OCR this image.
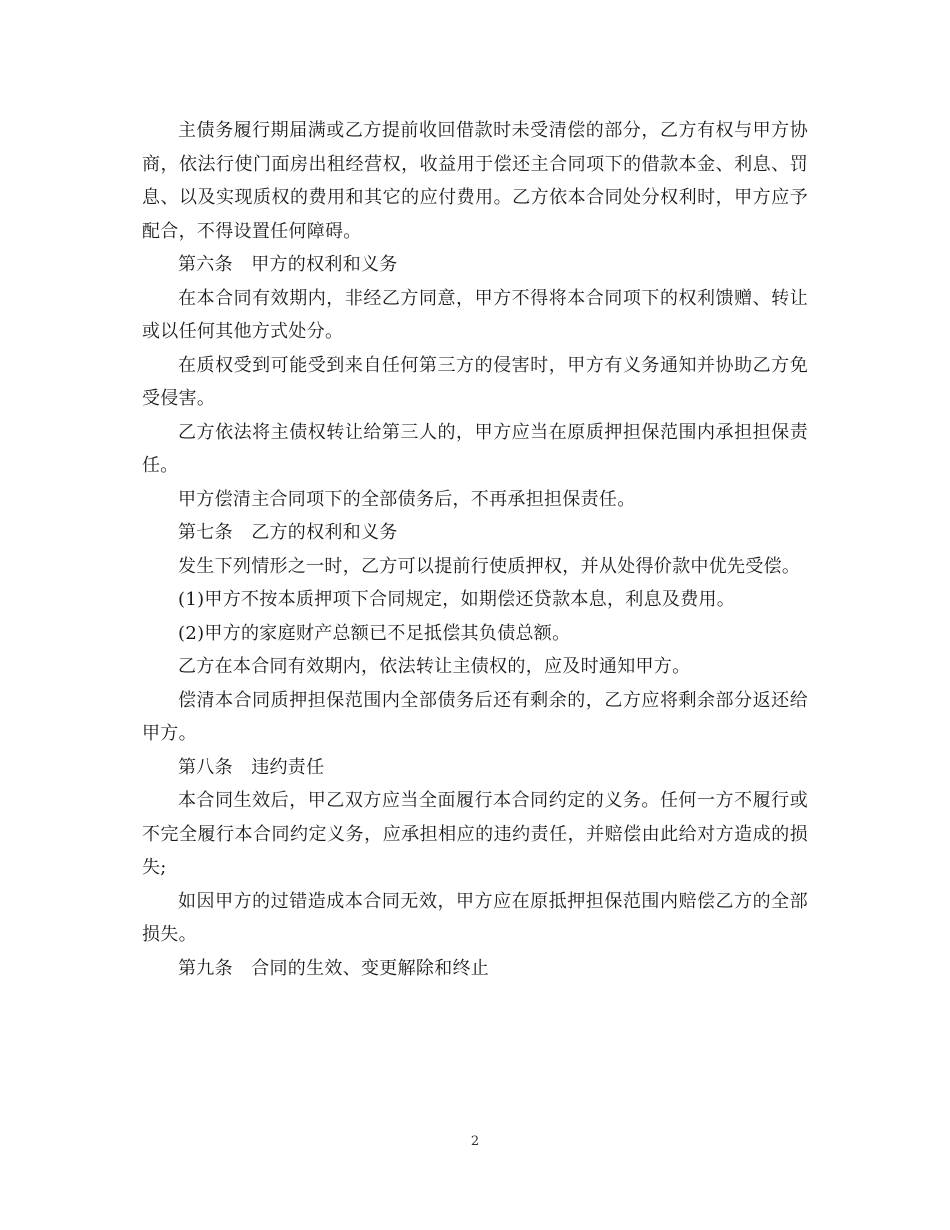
主债务履行期届满或乙方提前收回借款时未受清偿的部分，乙方有权与甲方协商，依法行使门面房出租经营权，收益用于偿还主合同项下的借款本金、利息、罚息、以及实现质权的费用和其它的应付费用。乙方依本合同处分权利时，甲方应予配合，不得设置任何障碍。

第六条　甲方的权利和义务

在本合同有效期内，非经乙方同意，甲方不得将本合同项下的权利馈赠、转让或以任何其他方式处分。

在质权受到可能受到来自任何第三方的侵害时，甲方有义务通知并协助乙方免受侵害。

乙方依法将主债权转让给第三人的，甲方应当在原质押担保范围内承担担保责任。

甲方偿清主合同项下的全部债务后，不再承担担保责任。

第七条　乙方的权利和义务

发生下列情形之一时，乙方可以提前行使质押权，并从处得价款中优先受偿。

(1)甲方不按本质押项下合同规定，如期偿还贷款本息，利息及费用。

(2)甲方的家庭财产总额已不足抵偿其负债总额。

乙方在本合同有效期内，依法转让主债权的，应及时通知甲方。

偿清本合同质押担保范围内全部债务后还有剩余的，乙方应将剩余部分返还给甲方。

第八条　违约责任

本合同生效后，甲乙双方应当全面履行本合同约定的义务。任何一方不履行或不完全履行本合同约定义务，应承担相应的违约责任，并赔偿由此给对方造成的损失;

如因甲方的过错造成本合同无效，甲方应在原抵押担保范围内赔偿乙方的全部损失。

第九条　合同的生效、变更解除和终止

2
